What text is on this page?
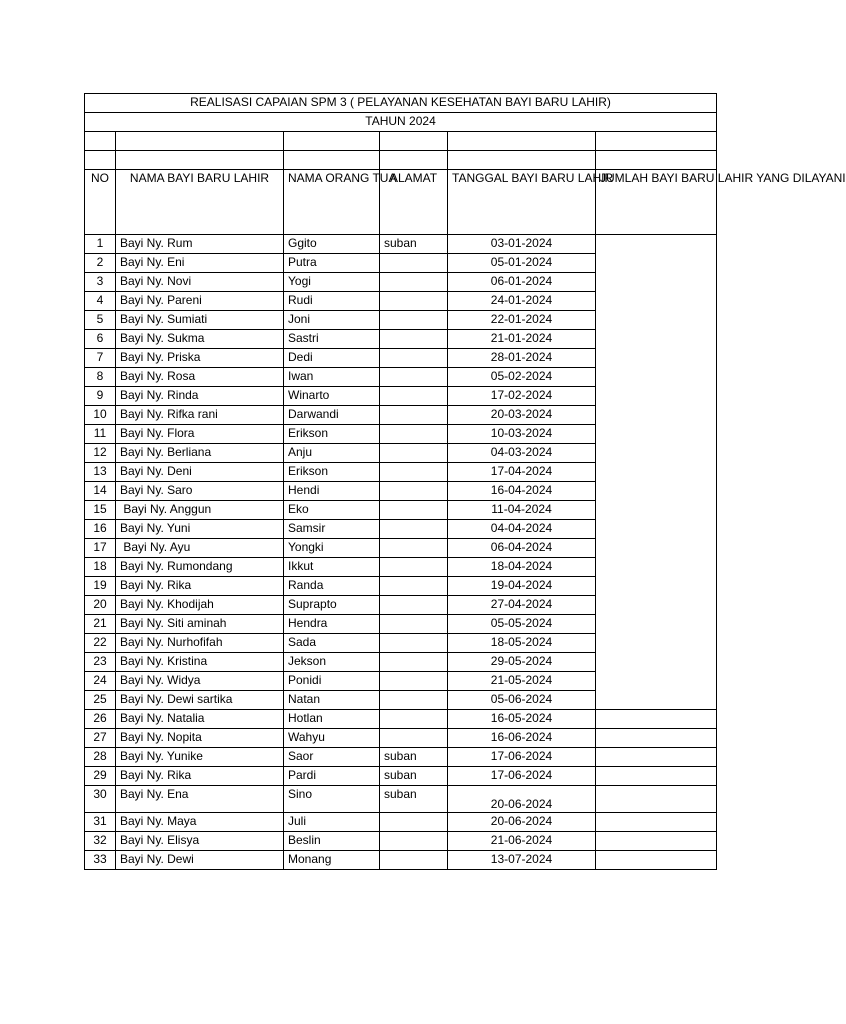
REALISASI CAPAIAN SPM 3 ( PELAYANAN KESEHATAN BAYI BARU LAHIR)					
TAHUN 2024					

NO	NAMA BAYI BARU LAHIR	NAMA ORANG TUA	ALAMAT	TANGGAL BAYI BARU LAHIR	JUMLAH BAYI BARU LAHIR YANG DILAYANI
1	Bayi Ny. Rum	Ggito	suban	03-01-2024	
2	Bayi Ny. Eni	Putra		05-01-2024	
3	Bayi Ny. Novi	Yogi		06-01-2024	
4	Bayi Ny. Pareni	Rudi		24-01-2024	
5	Bayi Ny. Sumiati	Joni		22-01-2024	
6	Bayi Ny. Sukma	Sastri		21-01-2024	
7	Bayi Ny. Priska	Dedi		28-01-2024	
8	Bayi Ny. Rosa	Iwan		05-02-2024	
9	Bayi Ny. Rinda	Winarto		17-02-2024	
10	Bayi Ny. Rifka rani	Darwandi		20-03-2024	
11	Bayi Ny. Flora	Erikson		10-03-2024	
12	Bayi Ny. Berliana	Anju		04-03-2024	
13	Bayi Ny. Deni	Erikson		17-04-2024	
14	Bayi Ny. Saro	Hendi		16-04-2024	
15	Bayi Ny. Anggun	Eko		11-04-2024	
16	Bayi Ny. Yuni	Samsir		04-04-2024	
17	Bayi Ny. Ayu	Yongki		06-04-2024	
18	Bayi Ny. Rumondang	Ikkut		18-04-2024	
19	Bayi Ny. Rika	Randa		19-04-2024	
20	Bayi Ny. Khodijah	Suprapto		27-04-2024	
21	Bayi Ny. Siti aminah	Hendra		05-05-2024	
22	Bayi Ny. Nurhofifah	Sada		18-05-2024	
23	Bayi Ny. Kristina	Jekson		29-05-2024	
24	Bayi Ny. Widya	Ponidi		21-05-2024	
25	Bayi Ny. Dewi sartika	Natan		05-06-2024	
26	Bayi Ny. Natalia	Hotlan		16-05-2024	
27	Bayi Ny. Nopita	Wahyu		16-06-2024	
28	Bayi Ny. Yunike	Saor	suban	17-06-2024	
29	Bayi Ny. Rika	Pardi	suban	17-06-2024	
30	Bayi Ny. Ena	Sino	suban	20-06-2024	
31	Bayi Ny. Maya	Juli		20-06-2024	
32	Bayi Ny. Elisya	Beslin		21-06-2024	
33	Bayi Ny. Dewi	Monang		13-07-2024	
